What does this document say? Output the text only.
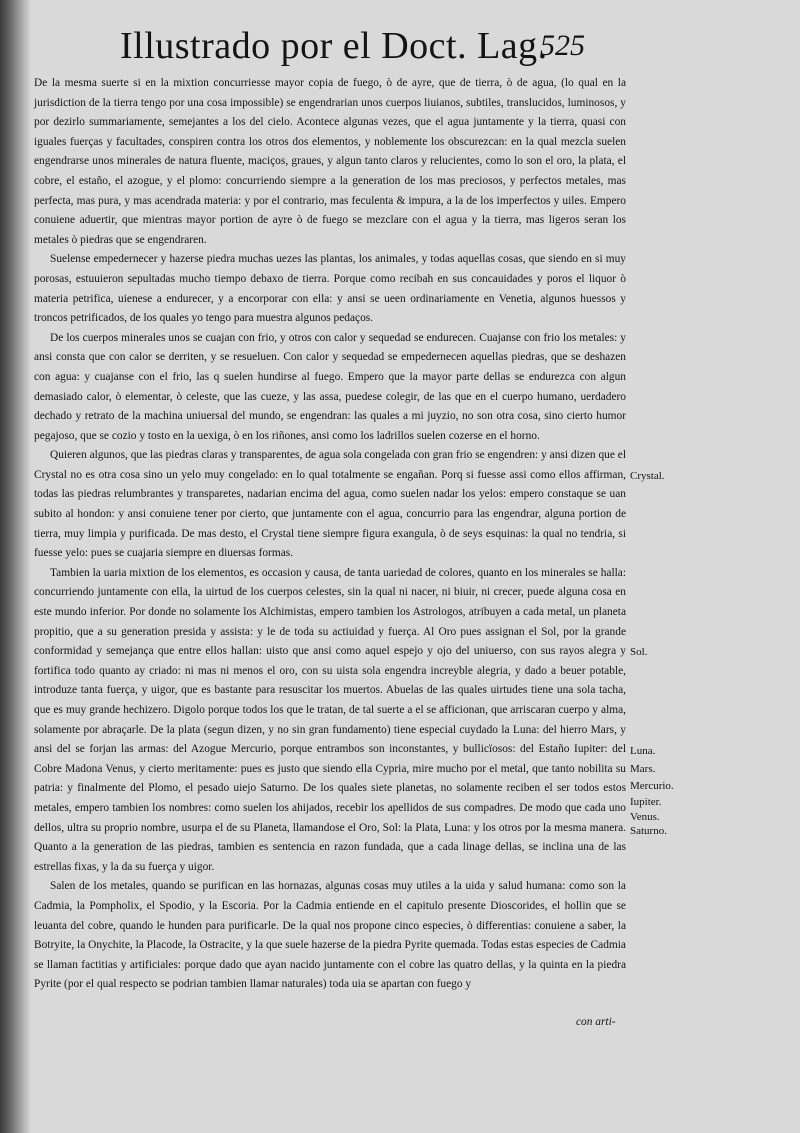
Illustrado por el Doct. Lag.
525

De la mesma suerte si en la mixtion concurriesse mayor copia de fuego, ò de ayre, que de tierra, ò de agua, (lo qual en la jurisdiction de la tierra tengo por una cosa impossible) se engendrarian unos cuerpos liuianos, subtiles, translucidos, luminosos, y por dezirlo summariamente, semejantes a los del cielo. Acontece algunas vezes, que el agua juntamente y la tierra, quasi con iguales fuerças y facultades, conspiren contra los otros dos elementos, y noblemente los obscurezcan: en la qual mezcla suelen engendrarse unos minerales de natura fluente, maciços, graues, y algun tanto claros y relucientes, como lo son el oro, la plata, el cobre, el estaño, el azogue, y el plomo: concurriendo siempre a la generation de los mas preciosos, y perfectos metales, mas perfecta, mas pura, y mas acendrada materia: y por el contrario, mas feculenta & impura, a la de los imperfectos y uiles. Empero conuiene aduertir, que mientras mayor portion de ayre ò de fuego se mezclare con el agua y la tierra, mas ligeros seran los metales ò piedras que se engendraren.

Suelense empedernecer y hazerse piedra muchas uezes las plantas, los animales, y todas aquellas cosas, que siendo en si muy porosas, estuuieron sepultadas mucho tiempo debaxo de tierra. Porque como recibah en sus concauidades y poros el liquor ò materia petrifica, uienese a endurecer, y a encorporar con ella: y ansi se ueen ordinariamente en Venetia, algunos huessos y troncos petrificados, de los quales yo tengo para muestra algunos pedaços.

De los cuerpos minerales unos se cuajan con frio, y otros con calor y sequedad se endurecen. Cuajanse con frio los metales: y ansi consta que con calor se derriten, y se resueluen. Con calor y sequedad se empedernecen aquellas piedras, que se deshazen con agua: y cuajanse con el frio, las q suelen hundirse al fuego. Empero que la mayor parte dellas se endurezca con algun demasiado calor, ò elementar, ò celeste, que las cueze, y las assa, puedese colegir, de las que en el cuerpo humano, uerdadero dechado y retrato de la machina uniuersal del mundo, se engendran: las quales a mi juyzio, no son otra cosa, sino cierto humor pegajoso, que se cozio y tosto en la uexiga, ò en los riñones, ansi como los ladrillos suelen cozerse en el horno.

Quieren algunos, que las piedras claras y transparentes, de agua sola congelada con gran frio se engendren: y ansi dizen que el Crystal no es otra cosa sino un yelo muy congelado: en lo qual totalmente se engañan. Porq si fuesse assi como ellos affirman, todas las piedras relumbrantes y transparetes, nadarian encima del agua, como suelen nadar los yelos: empero constaque se uan subito al hondon: y ansi conuiene tener por cierto, que juntamente con el agua, concurrio para las engendrar, alguna portion de tierra, muy limpia y purificada. De mas desto, el Crystal tiene siempre figura exangula, ò de seys esquinas: la qual no tendria, si fuesse yelo: pues se cuajaria siempre en diuersas formas.

Tambien la uaria mixtion de los elementos, es occasion y causa, de tanta uariedad de colores, quanto en los minerales se halla: concurriendo juntamente con ella, la uirtud de los cuerpos celestes, sin la qual ni nacer, ni biuir, ni crecer, puede alguna cosa en este mundo inferior. Por donde no solamente los Alchimistas, empero tambien los Astrologos, atribuyen a cada metal, un planeta propitio, que a su generation presida y assista: y le de toda su actiuidad y fuerça. Al Oro pues assignan el Sol, por la grande conformidad y semejança que entre ellos hallan: uisto que ansi como aquel espejo y ojo del uniuerso, con sus rayos alegra y fortifica todo quanto ay criado: ni mas ni menos el oro, con su uista sola engendra increyble alegria, y dado a beuer potable, introduze tanta fuerça, y uigor, que es bastante para resuscitar los muertos. Abuelas de las quales uirtudes tiene una sola tacha, que es muy grande hechizero. Digolo porque todos los que le tratan, de tal suerte a el se afficionan, que arriscaran cuerpo y alma, solamente por abraçarle. De la plata (segun dizen, y no sin gran fundamento) tiene especial cuydado la Luna: del hierro Mars, y ansi del se forjan las armas: del Azogue Mercurio, porque entrambos son inconstantes, y bullicïosos: del Estaño Iupiter: del Cobre Madona Venus, y cierto meritamente: pues es justo que siendo ella Cypria, mire mucho por el metal, que tanto nobilita su patria: y finalmente del Plomo, el pesado uiejo Saturno. De los quales siete planetas, no solamente reciben el ser todos estos metales, empero tambien los nombres: como suelen los ahijados, recebir los apellidos de sus compadres. De modo que cada uno dellos, ultra su proprio nombre, usurpa el de su Planeta, llamandose el Oro, Sol: la Plata, Luna: y los otros por la mesma manera. Quanto a la generation de las piedras, tambien es sentencia en razon fundada, que a cada linage dellas, se inclina una de las estrellas fixas, y la da su fuerça y uigor.

Salen de los metales, quando se purifican en las hornazas, algunas cosas muy utiles a la uida y salud humana: como son la Cadmia, la Pompholix, el Spodio, y la Escoria. Por la Cadmia entiende en el capitulo presente Dioscorides, el hollin que se leuanta del cobre, quando le hunden para purificarle. De la qual nos propone cinco especies, ò differentias: conuiene a saber, la Botryite, la Onychite, la Placode, la Ostracite, y la que suele hazerse de la piedra Pyrite quemada. Todas estas especies de Cadmia se llaman factitias y artificiales: porque dado que ayan nacido juntamente con el cobre las quatro dellas, y la quinta en la piedra Pyrite (por el qual respecto se podrian tambien llamar naturales) toda uia se apartan con fuego y

con arti-
Crystal.
Sol.
Luna.
Mars.
Mercurio.
Iupiter.
Venus.
Saturno.
